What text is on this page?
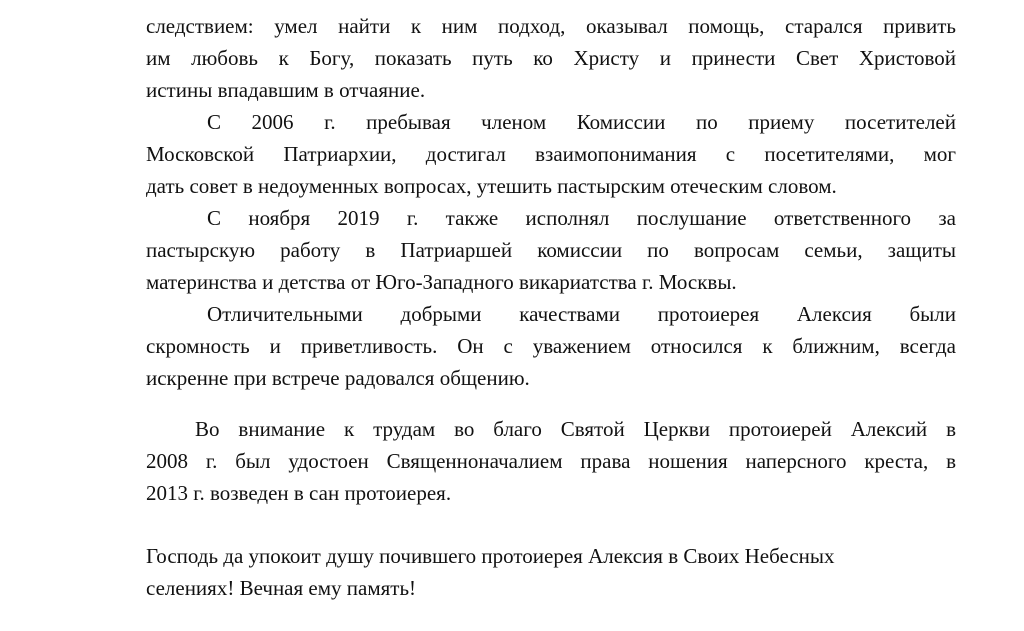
следствием: умел найти к ним подход, оказывал помощь, старался привить
им любовь к Богу, показать путь ко Христу и принести Свет Христовой
истины впадавшим в отчаяние.
С 2006 г. пребывая членом Комиссии по приему посетителей
Московской Патриархии, достигал взаимопонимания с посетителями, мог
дать совет в недоуменных вопросах, утешить пастырским отеческим словом.
С ноября 2019 г. также исполнял послушание ответственного за
пастырскую работу в Патриаршей комиссии по вопросам семьи, защиты
материнства и детства от Юго-Западного викариатства г. Москвы.
Отличительными добрыми качествами протоиерея Алексия были
скромность и приветливость. Он с уважением относился к ближним, всегда
искренне при встрече радовался общению.
Во внимание к трудам во благо Святой Церкви протоиерей Алексий в
2008 г. был удостоен Священноначалием права ношения наперсного креста, в
2013 г. возведен в сан протоиерея.
Господь да упокоит душу почившего протоиерея Алексия в Своих Небесных
селениях! Вечная ему память!
